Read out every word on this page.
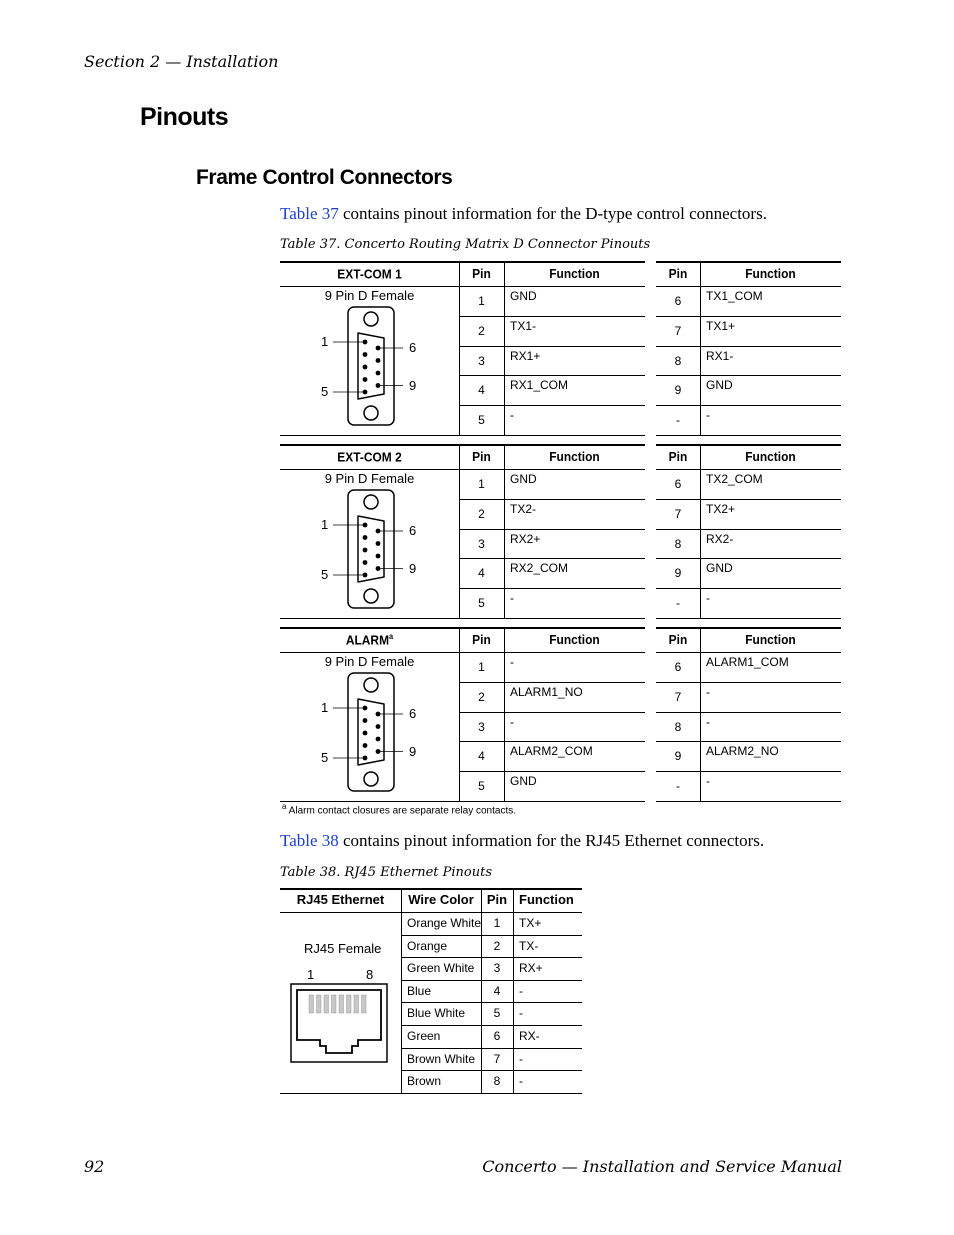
Section 2 — Installation
Pinouts
Frame Control Connectors
Table 37 contains pinout information for the D-type control connectors.
Table 37. Concerto Routing Matrix D Connector Pinouts
EXT-COM 1	Pin	Function	Pin	Function
1	GND	6	TX1_COM
2	TX1-	7	TX1+
3	RX1+	8	RX1-
4	RX1_COM	9	GND
5	-	-	-
9 Pin D Female
1
5
6
9
EXT-COM 2	Pin	Function	Pin	Function
1	GND	6	TX2_COM
2	TX2-	7	TX2+
3	RX2+	8	RX2-
4	RX2_COM	9	GND
5	-	-	-
9 Pin D Female
1
5
6
9
ALARM$^a$	Pin	Function	Pin	Function
1	-	6	ALARM1_COM
2	ALARM1_NO	7	-
3	-	8	-
4	ALARM2_COM	9	ALARM2_NO
5	GND	-	-
9 Pin D Female
1
5
6
9
$^a$ Alarm contact closures are separate relay contacts.
Table 38 contains pinout information for the RJ45 Ethernet connectors.
Table 38. RJ45 Ethernet Pinouts
RJ45 Ethernet	Wire Color	Pin Function
Orange White	1	TX+
Orange	2	TX-
Green White	3	RX+
Blue	4	-
Blue White	5	-
Green	6	RX-
Brown White	7	-
Brown	8	-
RJ45 Female
1	8
92	Concerto — Installation and Service Manual
